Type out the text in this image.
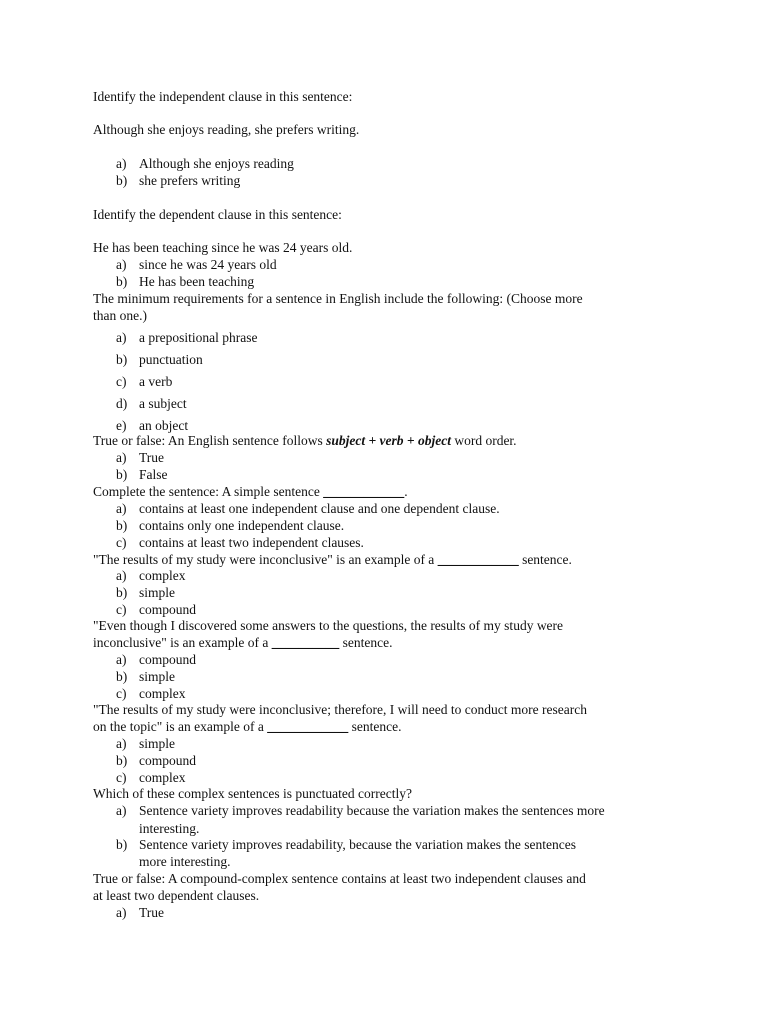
Identify the independent clause in this sentence:
Although she enjoys reading, she prefers writing.
a) Although she enjoys reading
b) she prefers writing
Identify the dependent clause in this sentence:
He has been teaching since he was 24 years old.
a) since he was 24 years old
b) He has been teaching
The minimum requirements for a sentence in English include the following: (Choose more
than one.)
a) a prepositional phrase
b) punctuation
c) a verb
d) a subject
e) an object
True or false: An English sentence follows subject + verb + object word order.
a) True
b) False
Complete the sentence: A simple sentence ____________.
a) contains at least one independent clause and one dependent clause.
b) contains only one independent clause.
c) contains at least two independent clauses.
"The results of my study were inconclusive" is an example of a ____________ sentence.
a) complex
b) simple
c) compound
"Even though I discovered some answers to the questions, the results of my study were
inconclusive" is an example of a __________ sentence.
a) compound
b) simple
c) complex
"The results of my study were inconclusive; therefore, I will need to conduct more research
on the topic" is an example of a ____________ sentence.
a) simple
b) compound
c) complex
Which of these complex sentences is punctuated correctly?
a) Sentence variety improves readability because the variation makes the sentences more
interesting.
b) Sentence variety improves readability, because the variation makes the sentences
more interesting.
True or false: A compound-complex sentence contains at least two independent clauses and
at least two dependent clauses.
a) True
